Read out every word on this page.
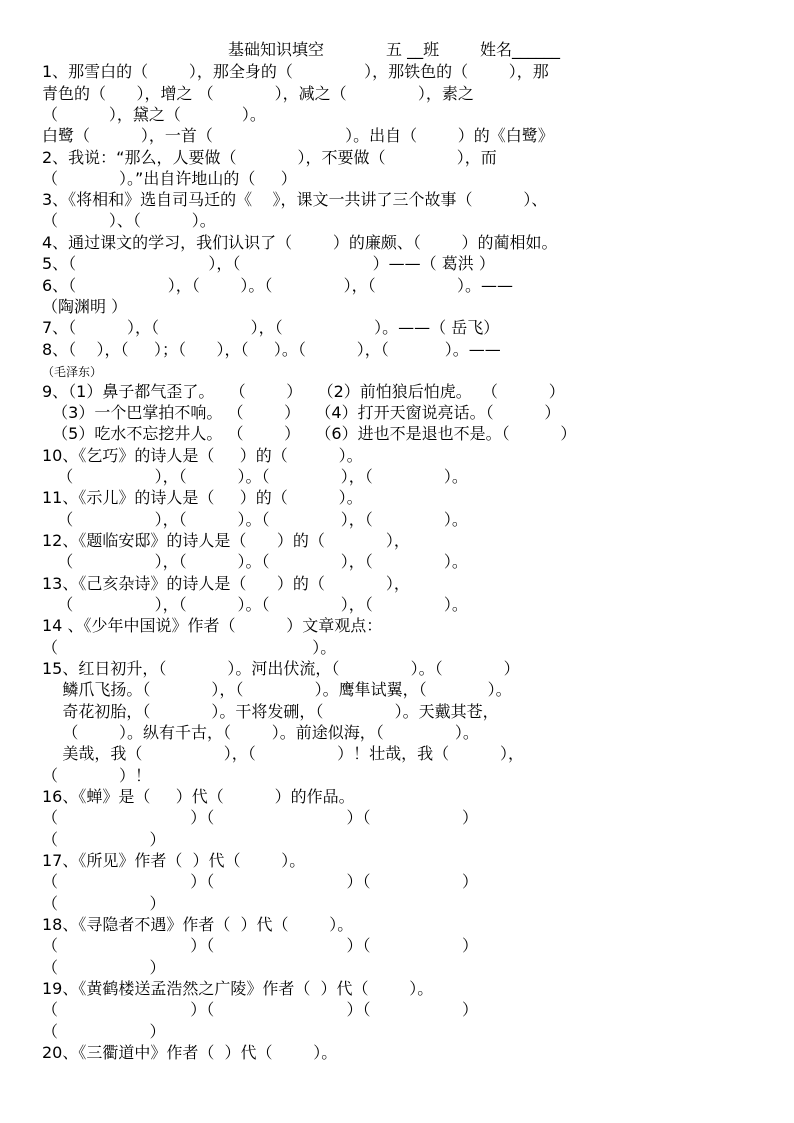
基础知识填空	五 __班	姓名______
1、那雪白的（        ），那全身的（              ），那铁色的（        ），那
青色的（      ），增之 （            ），减之（              ），素之
（          ），黛之（            ）。
白鹭（          ），一首（                          ）。出自（        ）的《白鹭》
2、我说：“那么，人要做（            ），不要做（              ），而
（            ）。”出自许地山的（     ）
3、《将相和》选自司马迁的《    》，课文一共讲了三个故事（          ）、
（          ）、（          ）。
4、通过课文的学习，我们认识了（        ）的廉颇、（        ）的蔺相如。
5、（                          ），（                          ）——（ 葛洪 ）
6、（                  ），（        ）。（              ），（                ）。——
（陶渊明 ）
7、（          ），（                  ），（                  ）。——（ 岳飞）
8、（    ），（     ）；（      ），（     ）。（          ），（           ）。——
（毛泽东）
9、（1）鼻子都气歪了。   （        ）   （2）前怕狼后怕虎。  （          ）
（3）一个巴掌拍不响。 （        ）   （4）打开天窗说亮话。（          ）
（5）吃水不忘挖井人。 （        ）   （6）进也不是退也不是。（          ）
10、《乞巧》的诗人是（     ）的（          ）。
（                ），（          ）。（              ），（              ）。
11、《示儿》的诗人是（     ）的（          ）。
（                ），（          ）。（              ），（              ）。
12、《题临安邸》的诗人是（      ）的（            ），
（                ），（          ）。（              ），（              ）。
13、《己亥杂诗》的诗人是（      ）的（            ），
（                ），（          ）。（              ），（              ）。
14 、《少年中国说》作者（          ）文章观点：
（                                                  ）。
15、红日初升，（            ）。河出伏流，（              ）。（            ）
鳞爪飞扬。（            ），（              ）。鹰隼试翼，（            ）。
奇花初胎，（            ）。干将发硎，（              ）。天戴其苍，
（        ）。纵有千古，（        ）。前途似海，（              ）。
美哉，我（                ），（                ）！壮哉，我（          ），
（            ）！
16、《蝉》是（     ）代（          ）的作品。
（                          ）（                          ）（                  ）
（                  ）
17、《所见》作者（  ）代（        ）。
（                          ）（                          ）（                  ）
（                  ）
18、《寻隐者不遇》作者（  ）代（        ）。
（                          ）（                          ）（                  ）
（                  ）
19、《黄鹤楼送孟浩然之广陵》作者（  ）代（        ）。
（                          ）（                          ）（                  ）
（                  ）
20、《三衢道中》作者（  ）代（        ）。
